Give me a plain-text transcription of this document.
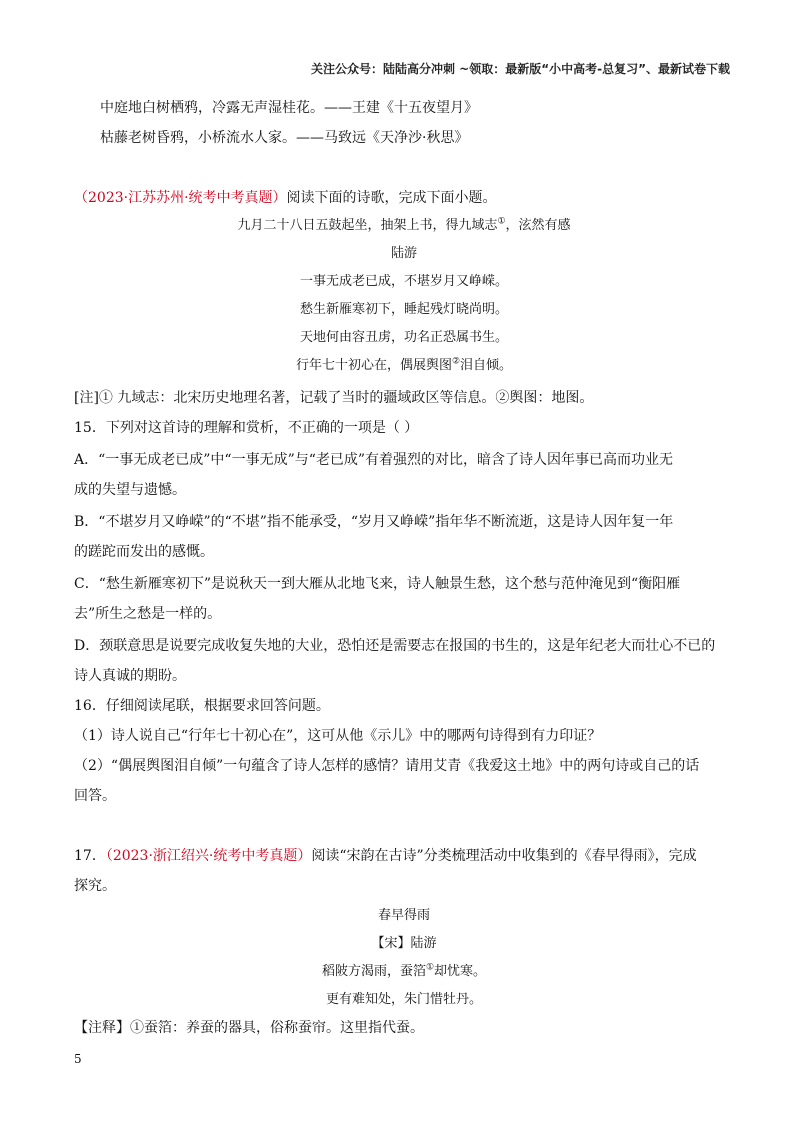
关注公众号：陆陆高分冲刺 ~领取：最新版“小中高考-总复习”、最新试卷下载
中庭地白树栖鸦，冷露无声湿桂花。——王建《十五夜望月》
枯藤老树昏鸦，小桥流水人家。——马致远《天净沙·秋思》
（2023·江苏苏州·统考中考真题）阅读下面的诗歌，完成下面小题。
九月二十八日五鼓起坐，抽架上书，得九域志①，泫然有感
陆游
一事无成老已成，不堪岁月又峥嵘。
愁生新雁寒初下，睡起残灯晓尚明。
天地何由容丑虏，功名正恐属书生。
行年七十初心在，偶展舆图②泪自倾。
[注]① 九域志：北宋历史地理名著，记载了当时的疆域政区等信息。②舆图：地图。
15．下列对这首诗的理解和赏析，不正确的一项是（ ）
A．“一事无成老已成”中“一事无成”与“老已成”有着强烈的对比，暗含了诗人因年事已高而功业无
成的失望与遗憾。
B．“不堪岁月又峥嵘”的“不堪”指不能承受，“岁月又峥嵘”指年华不断流逝，这是诗人因年复一年
的蹉跎而发出的感慨。
C．“愁生新雁寒初下”是说秋天一到大雁从北地飞来，诗人触景生愁，这个愁与范仲淹见到“衡阳雁
去”所生之愁是一样的。
D．颈联意思是说要完成收复失地的大业，恐怕还是需要志在报国的书生的，这是年纪老大而壮心不已的
诗人真诚的期盼。
16．仔细阅读尾联，根据要求回答问题。
（1）诗人说自己“行年七十初心在”，这可从他《示儿》中的哪两句诗得到有力印证？
（2）“偶展舆图泪自倾”一句蕴含了诗人怎样的感情？请用艾青《我爱这土地》中的两句诗或自己的话
回答。
17．（2023·浙江绍兴·统考中考真题）阅读“宋韵在古诗”分类梳理活动中收集到的《春早得雨》，完成
探究。
春早得雨
【宋】陆游
稻陂方渴雨，蚕箔①却忧寒。
更有难知处，朱门惜牡丹。
【注释】①蚕箔：养蚕的器具，俗称蚕帘。这里指代蚕。
5
